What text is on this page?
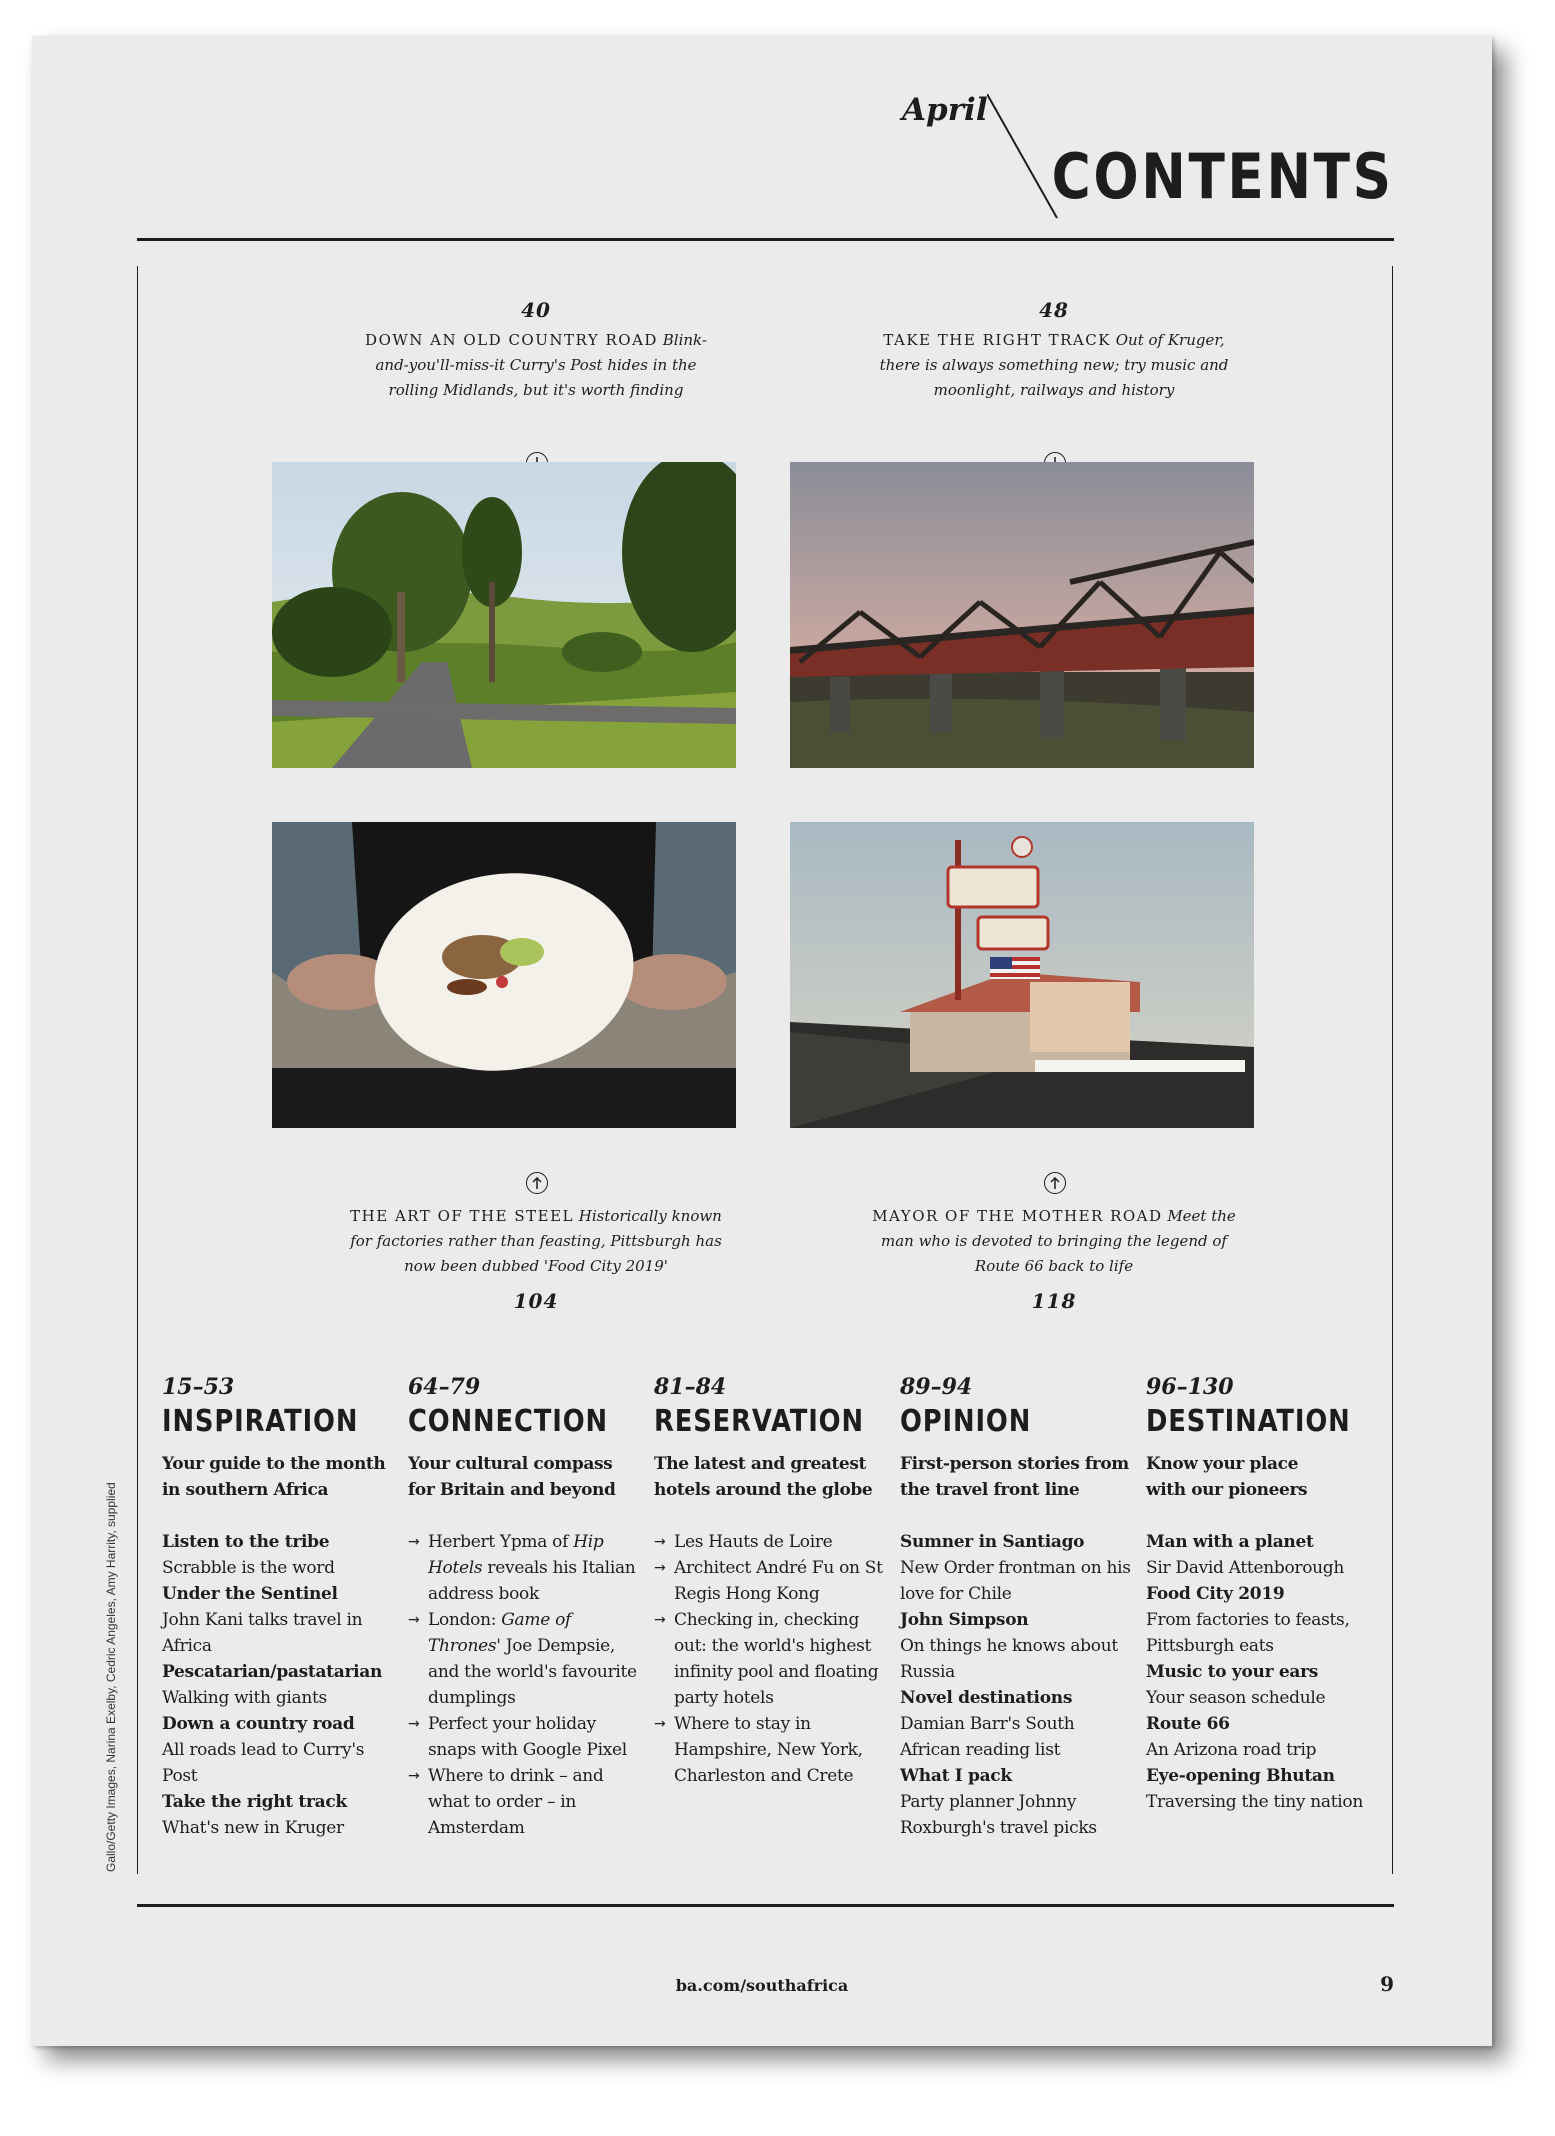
April
CONTENTS
Gallo/Getty Images, Narina Exelby, Cedric Angeles, Amy Harrity, supplied
40
DOWN AN OLD COUNTRY ROAD Blink-
and-you'll-miss-it Curry's Post hides in the
rolling Midlands, but it's worth finding
48
TAKE THE RIGHT TRACK Out of Kruger,
there is always something new; try music and
moonlight, railways and history
THE ART OF THE STEEL Historically known
for factories rather than feasting, Pittsburgh has
now been dubbed 'Food City 2019'
104
MAYOR OF THE MOTHER ROAD Meet the
man who is devoted to bringing the legend of
Route 66 back to life
118
15–53
INSPIRATION
Your guide to the month
in southern Africa
Listen to the tribe
Scrabble is the word
Under the Sentinel
John Kani talks travel in Africa
Pescatarian/pastatarian
Walking with giants
Down a country road
All roads lead to Curry's Post
Take the right track
What's new in Kruger
64–79
CONNECTION
Your cultural compass
for Britain and beyond
→ Herbert Ypma of Hip Hotels reveals his Italian address book
→ London: Game of Thrones' Joe Dempsie, and the world's favourite dumplings
→ Perfect your holiday snaps with Google Pixel
→ Where to drink – and what to order – in Amsterdam
81–84
RESERVATION
The latest and greatest
hotels around the globe
→ Les Hauts de Loire
→ Architect André Fu on St Regis Hong Kong
→ Checking in, checking out: the world's highest infinity pool and floating party hotels
→ Where to stay in Hampshire, New York, Charleston and Crete
89–94
OPINION
First-person stories from
the travel front line
Sumner in Santiago
New Order frontman on his love for Chile
John Simpson
On things he knows about Russia
Novel destinations
Damian Barr's South African reading list
What I pack
Party planner Johnny Roxburgh's travel picks
96–130
DESTINATION
Know your place
with our pioneers
Man with a planet
Sir David Attenborough
Food City 2019
From factories to feasts, Pittsburgh eats
Music to your ears
Your season schedule
Route 66
An Arizona road trip
Eye-opening Bhutan
Traversing the tiny nation
ba.com/southafrica	9
